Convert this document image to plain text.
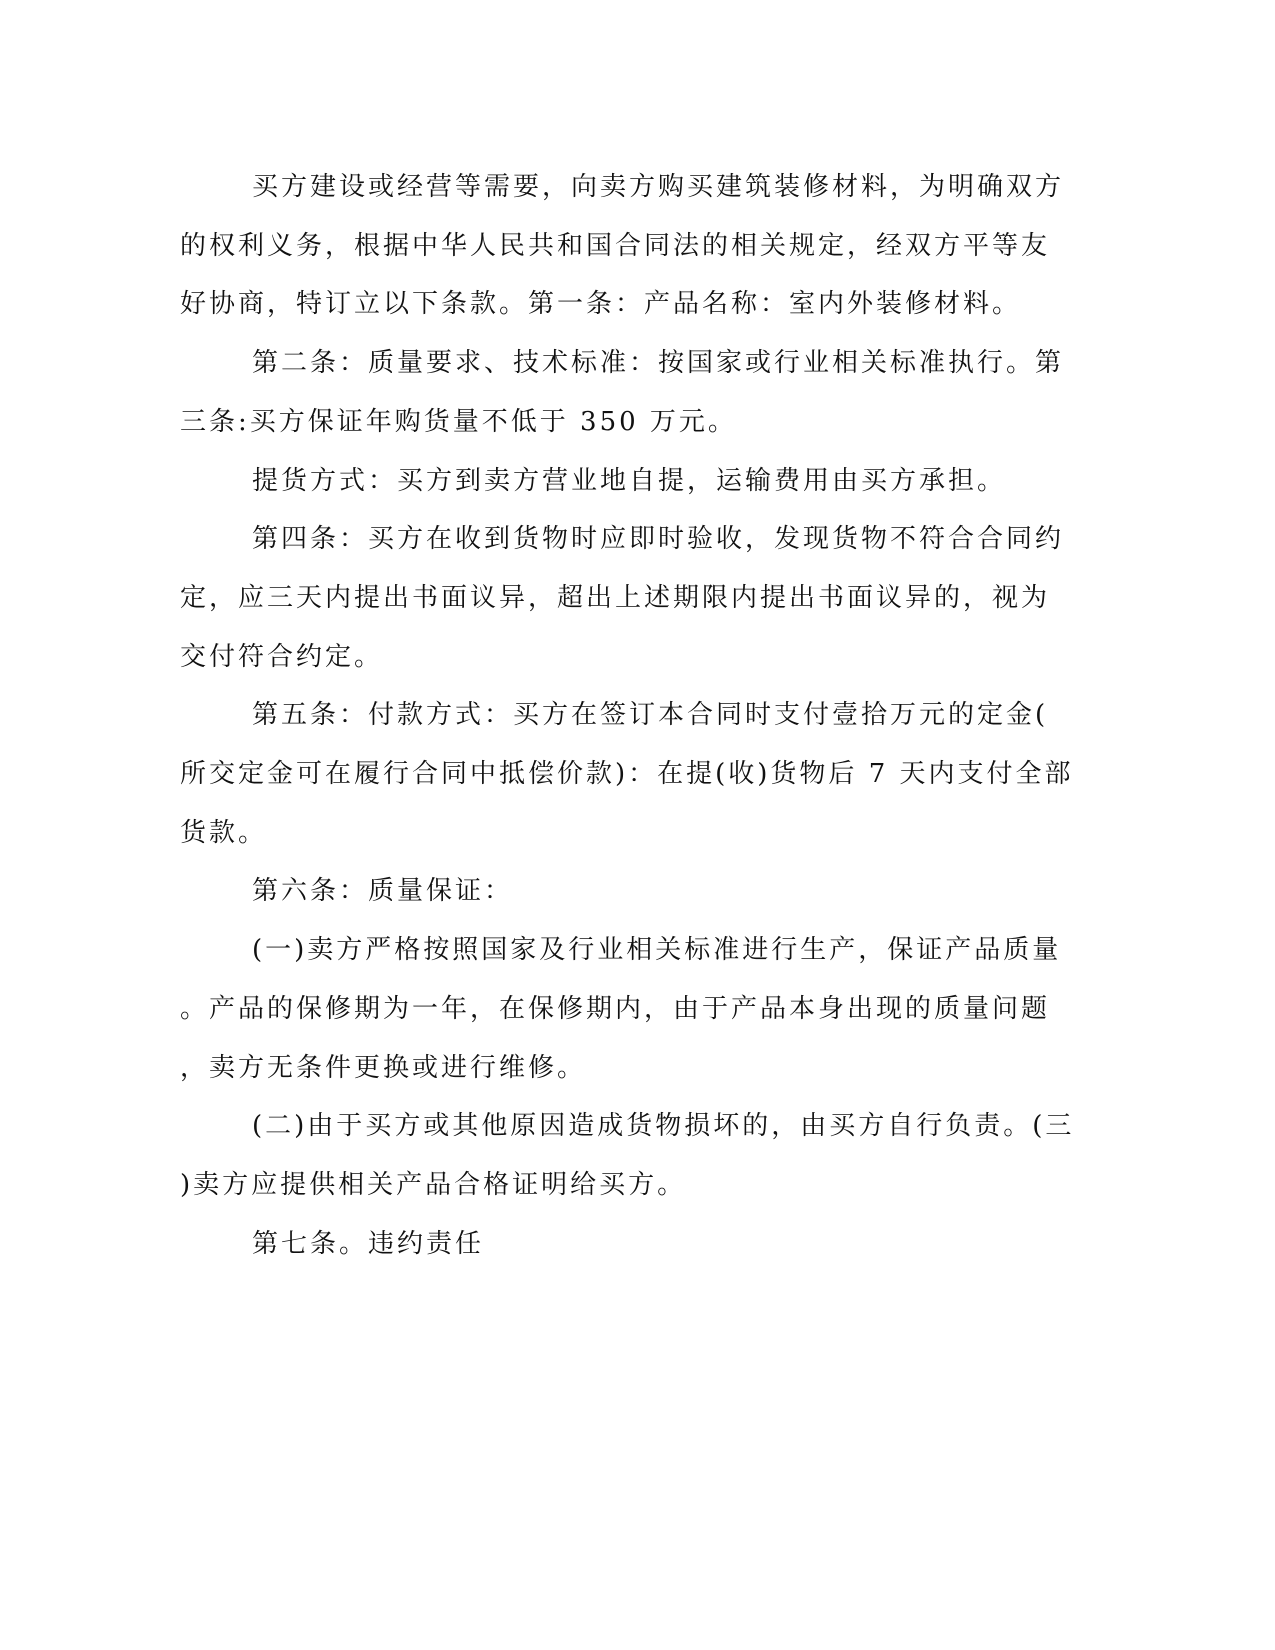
买方建设或经营等需要，向卖方购买建筑装修材料，为明确双方
的权利义务，根据中华人民共和国合同法的相关规定，经双方平等友
好协商，特订立以下条款。第一条：产品名称：室内外装修材料。

第二条：质量要求、技术标准：按国家或行业相关标准执行。第
三条:买方保证年购货量不低于 350 万元。

提货方式：买方到卖方营业地自提，运输费用由买方承担。

第四条：买方在收到货物时应即时验收，发现货物不符合合同约
定，应三天内提出书面议异，超出上述期限内提出书面议异的，视为
交付符合约定。

第五条：付款方式：买方在签订本合同时支付壹拾万元的定金(
所交定金可在履行合同中抵偿价款)：在提(收)货物后 7 天内支付全部
货款。

第六条：质量保证：

(一)卖方严格按照国家及行业相关标准进行生产，保证产品质量
。产品的保修期为一年，在保修期内，由于产品本身出现的质量问题
，卖方无条件更换或进行维修。

(二)由于买方或其他原因造成货物损坏的，由买方自行负责。(三
)卖方应提供相关产品合格证明给买方。

第七条。违约责任
